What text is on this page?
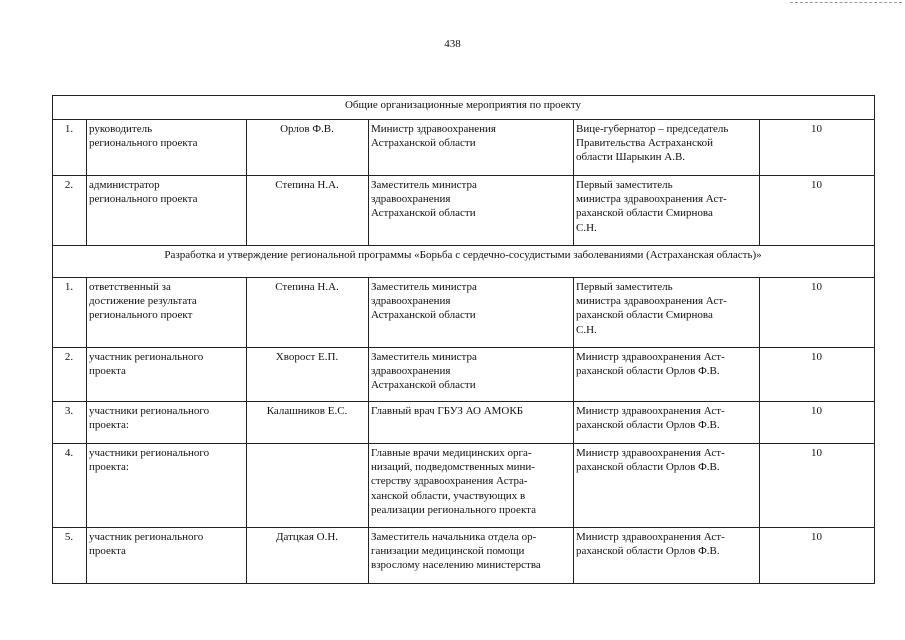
438
Общие организационные мероприятия по проекту					
1.	руководитель
регионального проекта	Орлов Ф.В.	Министр здравоохранения
Астраханской области	Вице-губернатор – председатель
Правительства Астраханской
области Шарыкин А.В.	10
2.	администратор
регионального проекта	Степина Н.А.	Заместитель министра
здравоохранения
Астраханской области	Первый заместитель
министра здравоохранения Аст-
раханской области Смирнова
С.Н.	10
Разработка и утверждение региональной программы «Борьба с сердечно-сосудистыми заболеваниями (Астраханская область)»					
1.	ответственный за
достижение результата
регионального проект	Степина Н.А.	Заместитель министра
здравоохранения
Астраханской области	Первый заместитель
министра здравоохранения Аст-
раханской области Смирнова
С.Н.	10
2.	участник регионального
проекта	Хворост Е.П.	Заместитель министра
здравоохранения
Астраханской области	Министр здравоохранения Аст-
раханской области Орлов Ф.В.	10
3.	участники регионального
проекта:	Калашников Е.С.	Главный врач ГБУЗ АО АМОКБ	Министр здравоохранения Аст-
раханской области Орлов Ф.В.	10
4.	участники регионального
проекта:		Главные врачи медицинских орга-
низаций, подведомственных мини-
стерству здравоохранения Астра-
ханской области, участвующих в
реализации регионального проекта	Министр здравоохранения Аст-
раханской области Орлов Ф.В.	10
5.	участник регионального
проекта	Датцкая О.Н.	Заместитель начальника отдела ор-
ганизации медицинской помощи
взрослому населению министерства	Министр здравоохранения Аст-
раханской области Орлов Ф.В.	10
